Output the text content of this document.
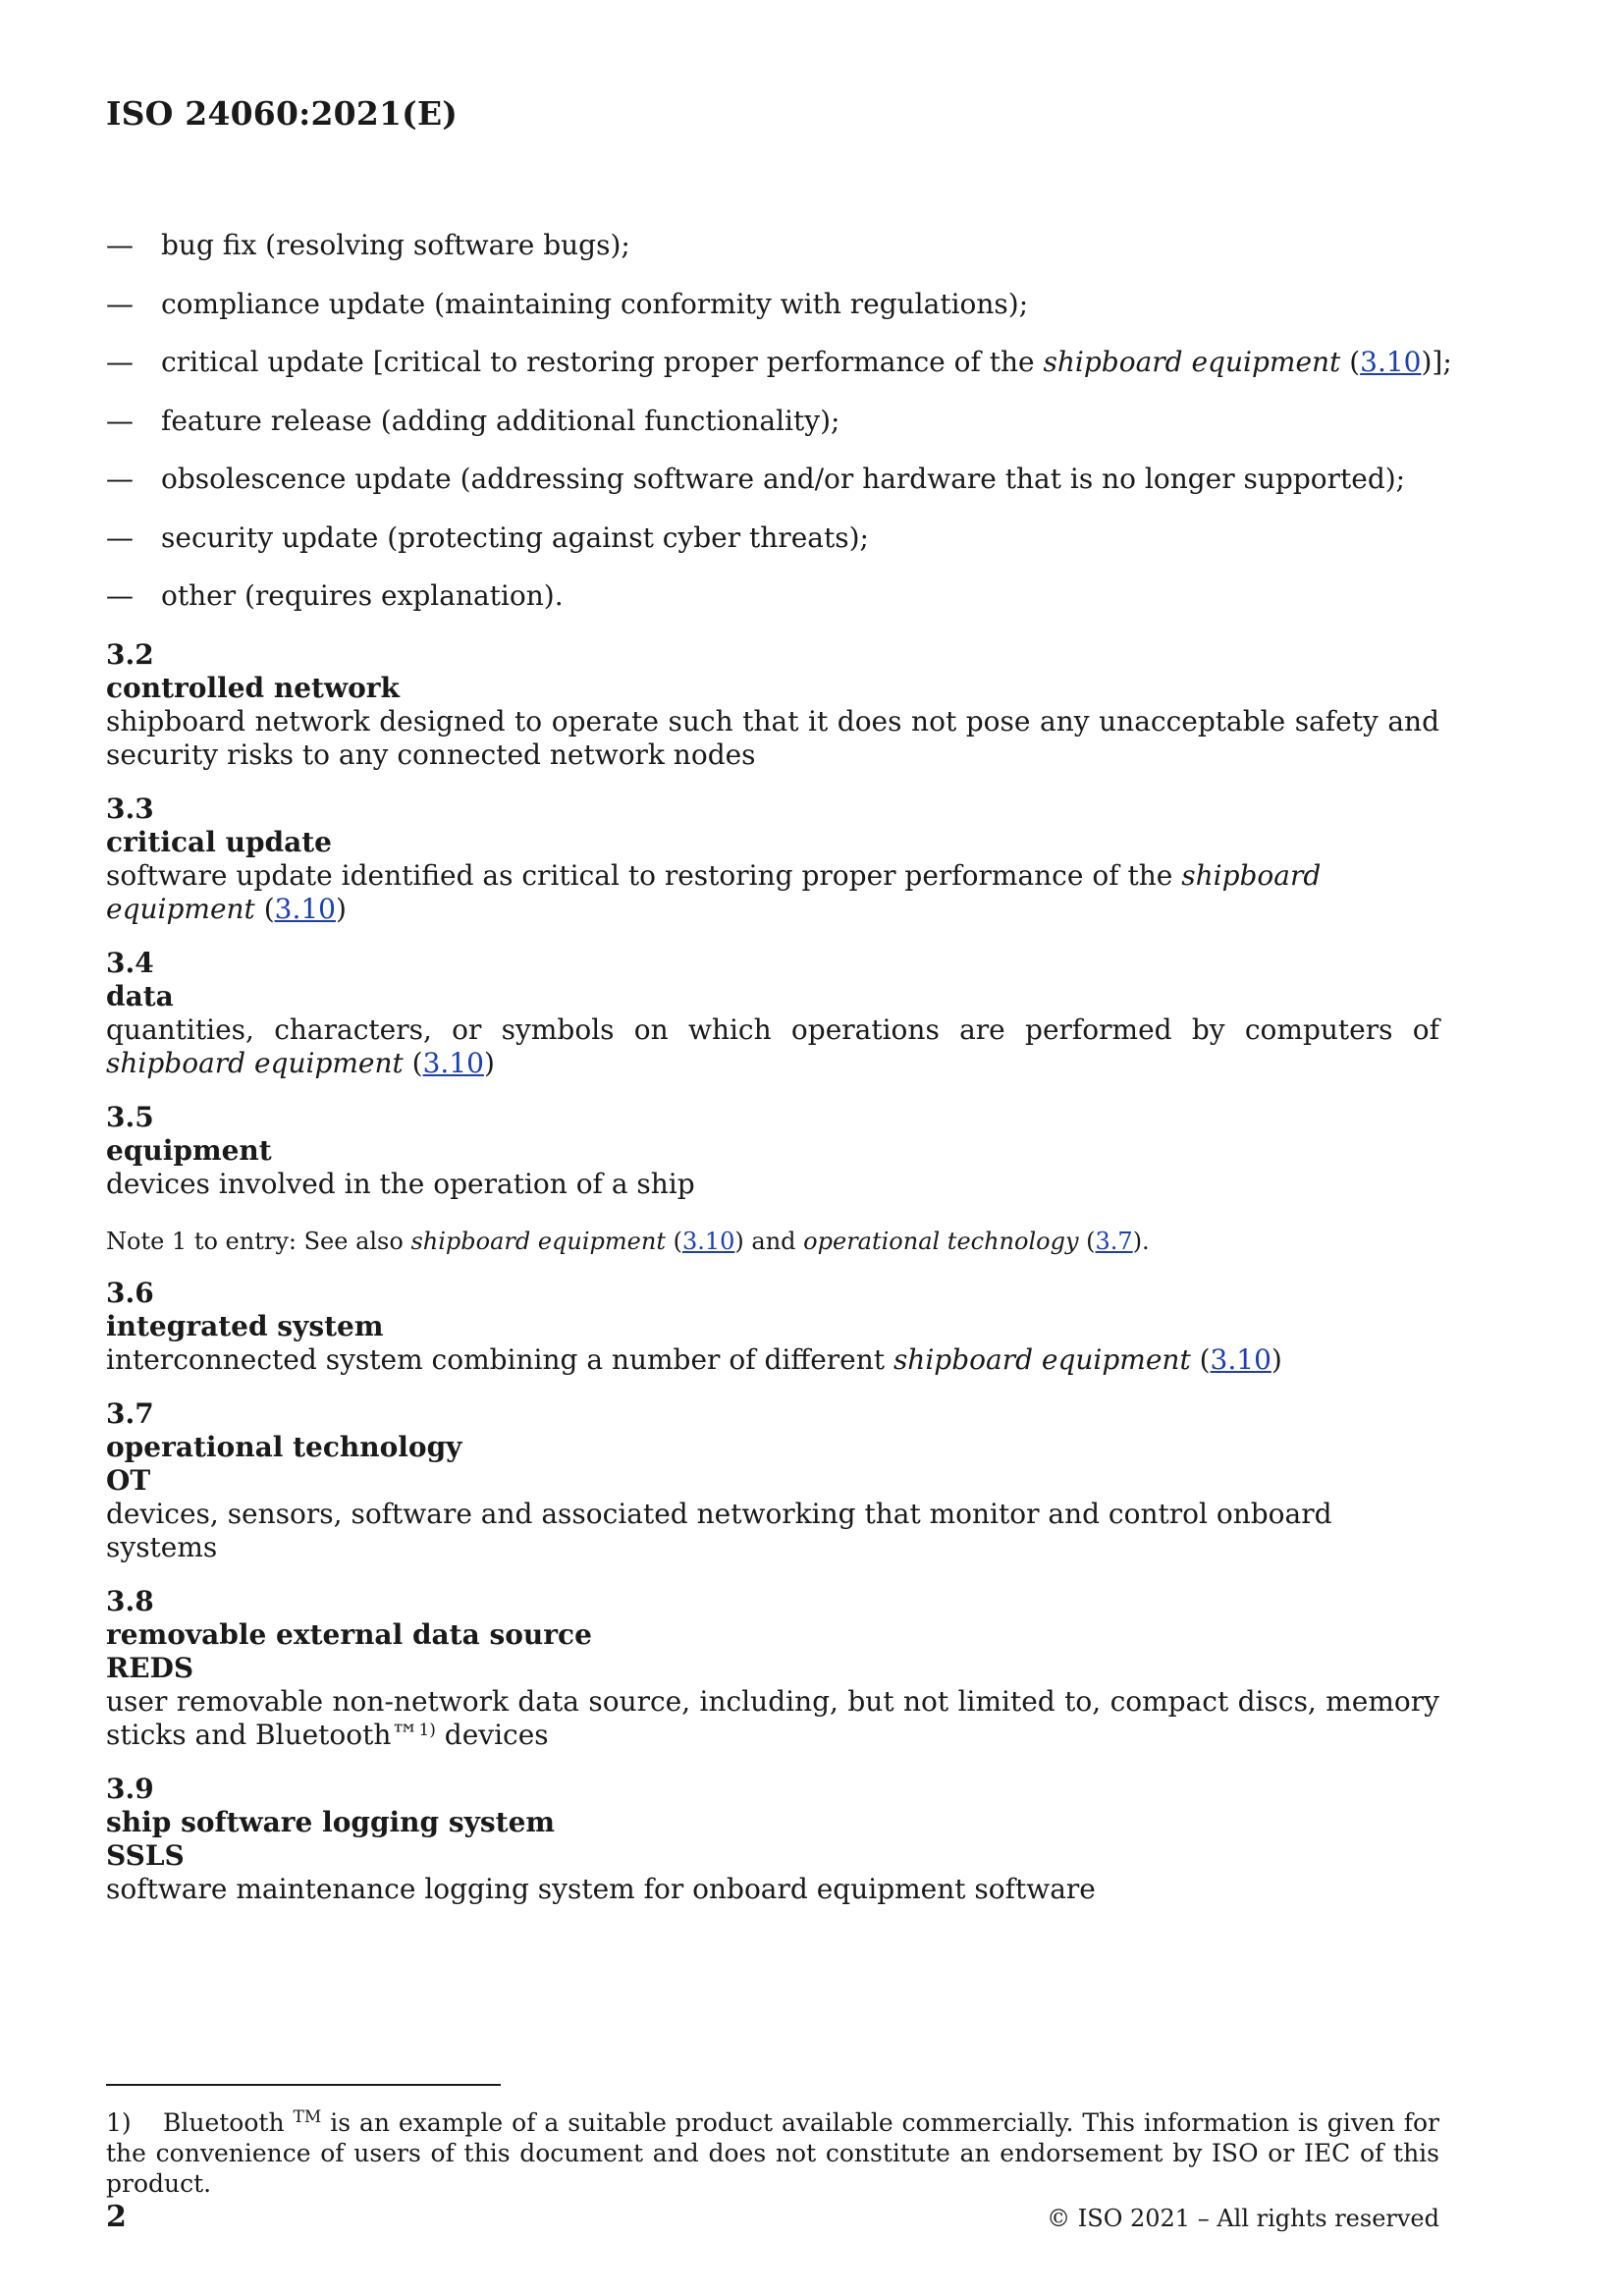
ISO 24060:2021(E)
—	bug fix (resolving software bugs);
—	compliance update (maintaining conformity with regulations);
—	critical update [critical to restoring proper performance of the shipboard equipment (3.10)];
—	feature release (adding additional functionality);
—	obsolescence update (addressing software and/or hardware that is no longer supported);
—	security update (protecting against cyber threats);
—	other (requires explanation).
3.2
controlled network
shipboard network designed to operate such that it does not pose any unacceptable safety and security risks to any connected network nodes
3.3
critical update
software update identified as critical to restoring proper performance of the shipboard equipment (3.10)
3.4
data
quantities, characters, or symbols on which operations are performed by computers of shipboard equipment (3.10)
3.5
equipment
devices involved in the operation of a ship
Note 1 to entry: See also shipboard equipment (3.10) and operational technology (3.7).
3.6
integrated system
interconnected system combining a number of different shipboard equipment (3.10)
3.7
operational technology
OT
devices, sensors, software and associated networking that monitor and control onboard systems
3.8
removable external data source
REDS
user removable non-network data source, including, but not limited to, compact discs, memory sticks and Bluetooth™$^{1)}$ devices
3.9
ship software logging system
SSLS
software maintenance logging system for onboard equipment software
1) Bluetooth ™ is an example of a suitable product available commercially. This information is given for the convenience of users of this document and does not constitute an endorsement by ISO or IEC of this product.
2	© ISO 2021 – All rights reserved
